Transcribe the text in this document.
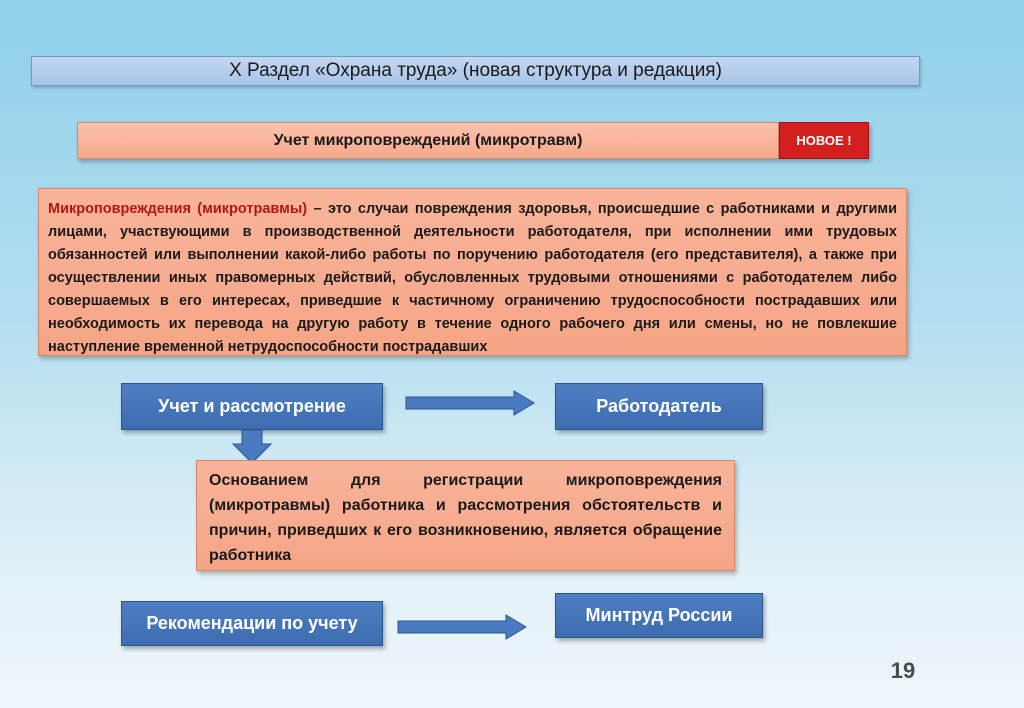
X Раздел «Охрана труда» (новая структура и редакция)
Учет микроповреждений (микротравм)	НОВОЕ !
Микроповреждения (микротравмы) – это случаи повреждения здоровья, происшедшие с работниками и другими лицами, участвующими в производственной деятельности работодателя, при исполнении ими трудовых обязанностей или выполнении какой-либо работы по поручению работодателя (его представителя), а также при осуществлении иных правомерных действий, обусловленных трудовыми отношениями с работодателем либо совершаемых в его интересах, приведшие к частичному ограничению трудоспособности пострадавших или необходимость их перевода на другую работу в течение одного рабочего дня или смены, но не повлекшие наступление временной нетрудоспособности пострадавших
Учет и рассмотрение	Работодатель
Основанием для регистрации микроповреждения (микротравмы) работника и рассмотрения обстоятельств и причин, приведших к его возникновению, является обращение работника
Рекомендации по учету	Минтруд России
19
